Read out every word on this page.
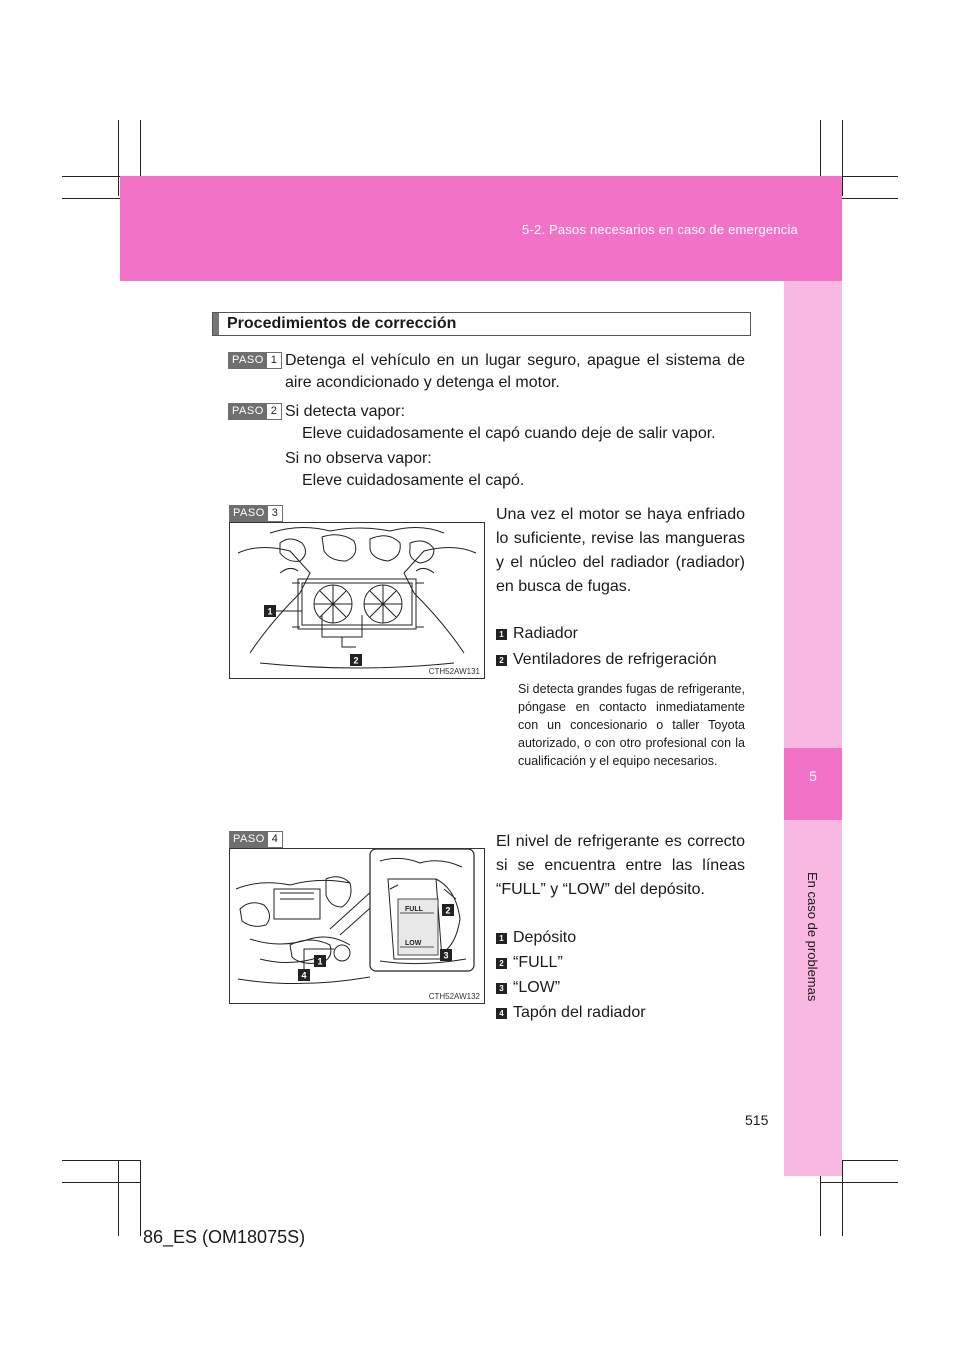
5-2. Pasos necesarios en caso de emergencia
5
En caso de problemas
Procedimientos de corrección
PASO 1 Detenga el vehículo en un lugar seguro, apague el sistema de aire acondicionado y detenga el motor.
PASO 2 Si detecta vapor:
Eleve cuidadosamente el capó cuando deje de salir vapor.
Si no observa vapor:
Eleve cuidadosamente el capó.
PASO 3
1
2
CTH52AW131
Una vez el motor se haya enfriado lo suficiente, revise las mangueras y el núcleo del radiador (radiador) en busca de fugas.
1 Radiador
2 Ventiladores de refrigeración
Si detecta grandes fugas de refrigerante, póngase en contacto inmediatamente con un concesionario o taller Toyota autorizado, o con otro profesional con la cualificación y el equipo necesarios.
PASO 4
FULL
LOW
1
2
3
4
CTH52AW132
El nivel de refrigerante es correcto si se encuentra entre las líneas “FULL” y “LOW” del depósito.
1 Depósito
2 “FULL”
3 “LOW”
4 Tapón del radiador
515
86_ES (OM18075S)
